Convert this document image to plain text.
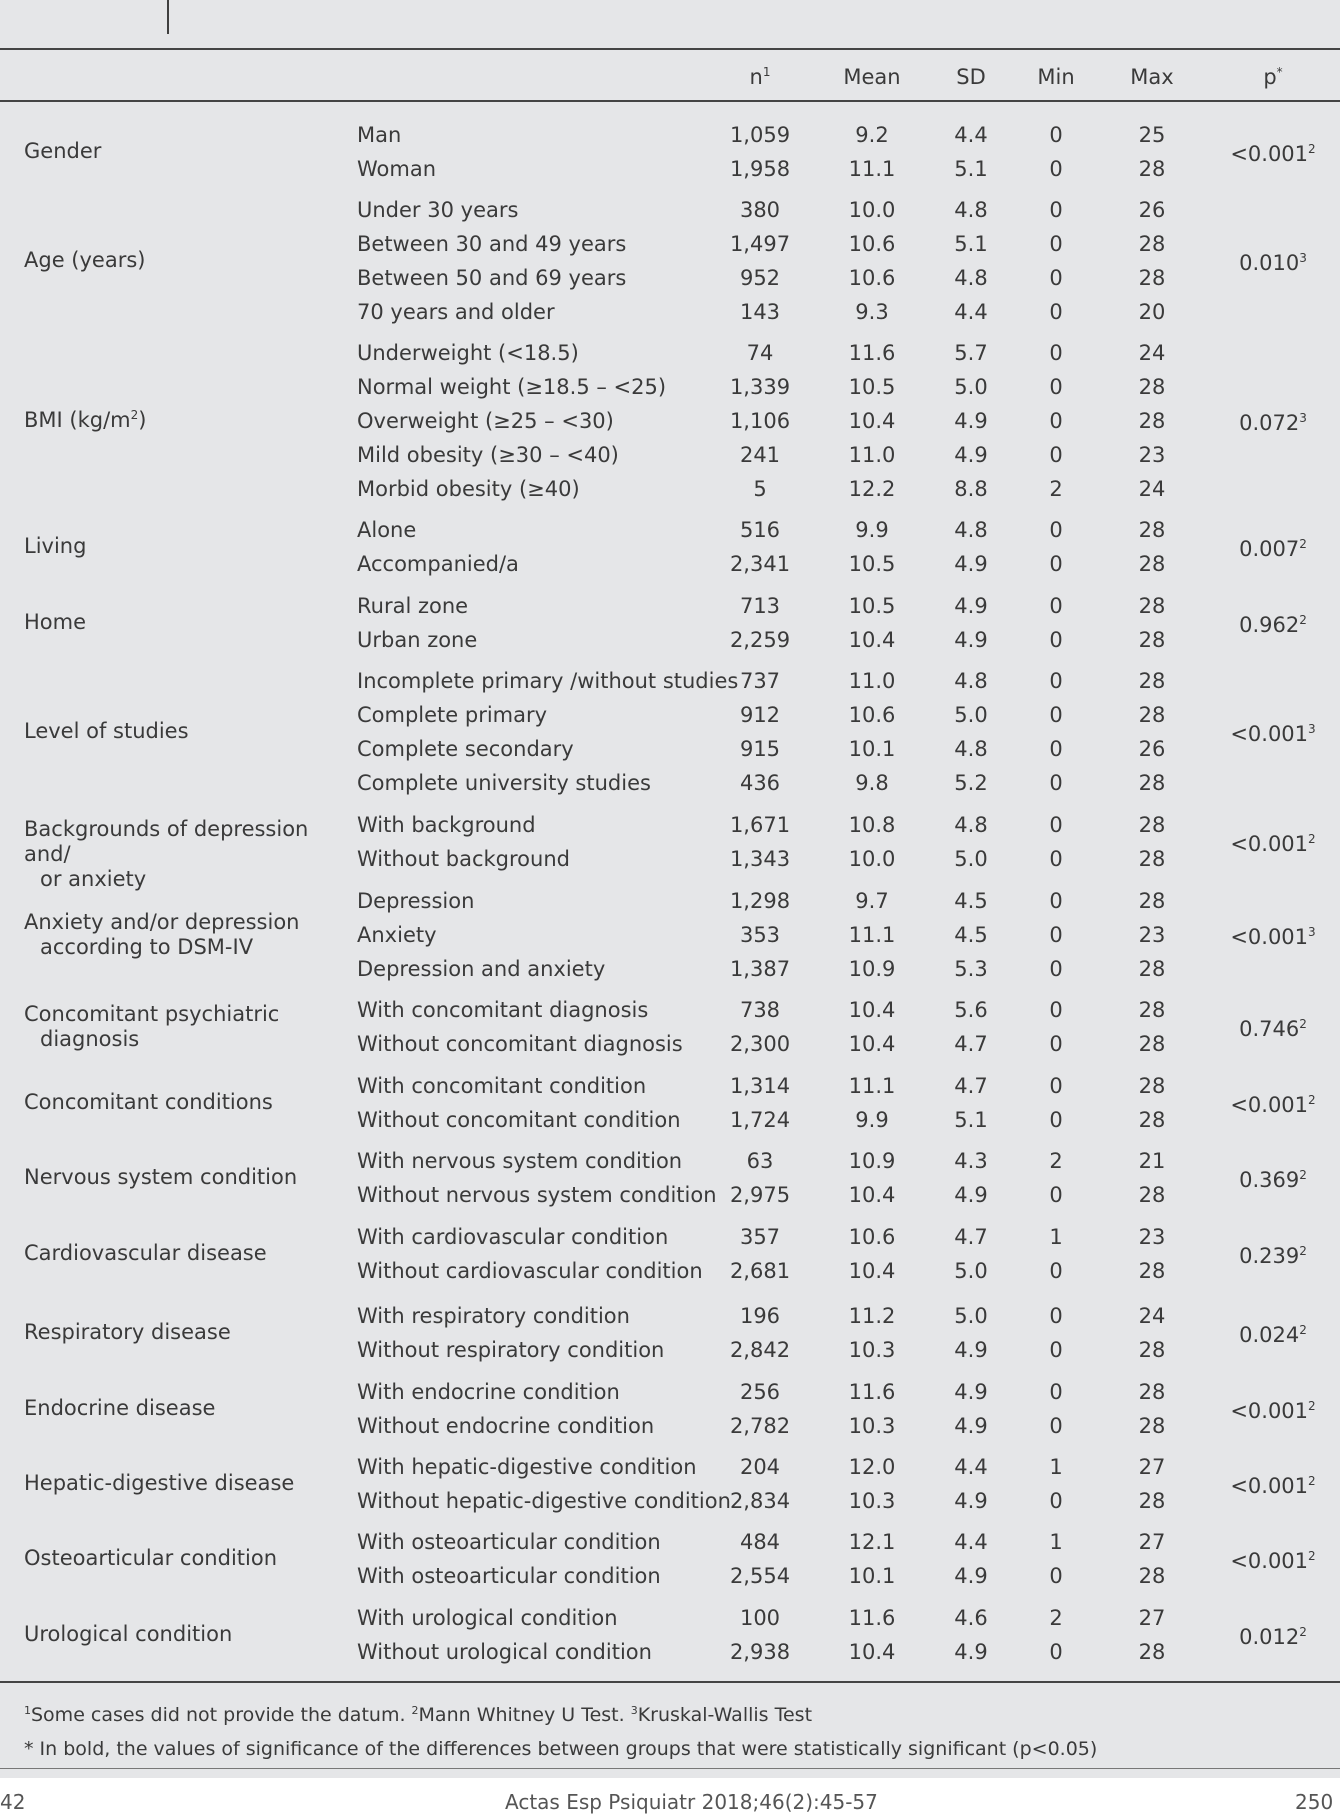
$n^1$	Mean	SD	Min	Max	p*
Gender	$<0.001^2$
Man	1,059	9.2	4.4	0	25
Woman	1,958	11.1	5.1	0	28
Age (years)	0.010$^3$
Under 30 years	380	10.0	4.8	0	26
Between 30 and 49 years	1,497	10.6	5.1	0	28
Between 50 and 69 years	952	10.6	4.8	0	28
70 years and older	143	9.3	4.4	0	20
BMI $(kg/m^2)$	0.072$^3$
Underweight (<18.5)	74	11.6	5.7	0	24
Normal weight (≥18.5 – <25)	1,339	10.5	5.0	0	28
Overweight (≥25 – <30)	1,106	10.4	4.9	0	28
Mild obesity (≥30 – <40)	241	11.0	4.9	0	23
Morbid obesity (≥40)	5	12.2	8.8	2	24
Living	0.007$^2$
Alone	516	9.9	4.8	0	28
Accompanied/a	2,341	10.5	4.9	0	28
Home	0.962$^2$
Rural zone	713	10.5	4.9	0	28
Urban zone	2,259	10.4	4.9	0	28
Level of studies	$<0.001^3$
Incomplete primary /without studies 737	11.0	4.8	0	28
Complete primary	912	10.6	5.0	0	28
Complete secondary	915	10.1	4.8	0	26
Complete university studies	436	9.8	5.2	0	28
Backgrounds of depression and/
or anxiety
$<0.001^2$
With background	1,671	10.8	4.8	0	28
Without background	1,343	10.0	5.0	0	28
Anxiety and/or depression
according to DSM-IV	$<0.001^3$
Depression	1,298	9.7	4.5	0	28
Anxiety	353	11.1	4.5	0	23
Depression and anxiety	1,387	10.9	5.3	0	28
Concomitant psychiatric
diagnosis	0.746$^2$
With concomitant diagnosis	738	10.4	5.6	0	28
Without concomitant diagnosis	2,300	10.4	4.7	0	28
Concomitant conditions	$<0.001^2$
With concomitant condition	1,314	11.1	4.7	0	28
Without concomitant condition	1,724	9.9	5.1	0	28
Nervous system condition	0.369$^2$
With nervous system condition	63	10.9	4.3	2	21
Without nervous system condition 2,975	10.4	4.9	0	28
Cardiovascular disease	0.239$^2$
With cardiovascular condition	357	10.6	4.7	1	23
Without cardiovascular condition	2,681	10.4	5.0	0	28
Respiratory disease	0.024$^2$
With respiratory condition	196	11.2	5.0	0	24
Without respiratory condition	2,842	10.3	4.9	0	28
Endocrine disease	$<0.001^2$
With endocrine condition	256	11.6	4.9	0	28
Without endocrine condition	2,782	10.3	4.9	0	28
Hepatic-digestive disease	$<0.001^2$
With hepatic-digestive condition	204	12.0	4.4	1	27
Without hepatic-digestive condition 2,834	10.3	4.9	0	28
Osteoarticular condition	$<0.001^2$
With osteoarticular condition	484	12.1	4.4	1	27
With osteoarticular condition	2,554	10.1	4.9	0	28
Urological condition	0.012$^2$
With urological condition	100	11.6	4.6	2	27
Without urological condition	2,938	10.4	4.9	0	28
$^1$Some cases did not provide the datum. $^2$Mann Whitney U Test. $^3$Kruskal-Wallis Test
* In bold, the values of significance of the differences between groups that were statistically significant (p<0.05)
42	Actas Esp Psiquiatr 2018;46(2):45-57	250
